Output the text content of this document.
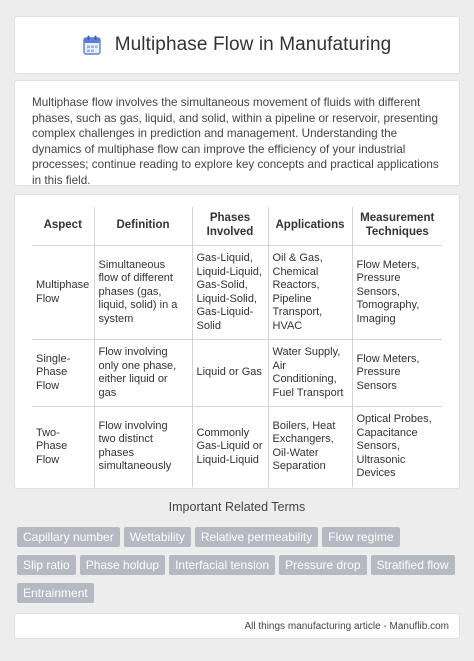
Multiphase Flow in Manufaturing

Multiphase flow involves the simultaneous movement of fluids with different phases, such as gas, liquid, and solid, within a pipeline or reservoir, presenting complex challenges in prediction and management. Understanding the dynamics of multiphase flow can improve the efficiency of your industrial processes; continue reading to explore key concepts and practical applications in this field.

Aspect	Definition	Phases Involved	Applications	Measurement Techniques
Multiphase Flow	Simultaneous flow of different phases (gas, liquid, solid) in a system	Gas-Liquid, Liquid-Liquid, Gas-Solid, Liquid-Solid, Gas-Liquid-Solid	Oil & Gas, Chemical Reactors, Pipeline Transport, HVAC	Flow Meters, Pressure Sensors, Tomography, Imaging
Single-Phase Flow	Flow involving only one phase, either liquid or gas	Liquid or Gas	Water Supply, Air Conditioning, Fuel Transport	Flow Meters, Pressure Sensors
Two-Phase Flow	Flow involving two distinct phases simultaneously	Commonly Gas-Liquid or Liquid-Liquid	Boilers, Heat Exchangers, Oil-Water Separation	Optical Probes, Capacitance Sensors, Ultrasonic Devices
Important Related Terms
Capillary number	Wettability	Relative permeability	Flow regime
Slip ratio	Phase holdup	Interfacial tension	Pressure drop	Stratified flow
Entrainment
All things manufacturing article - Manuflib.com
